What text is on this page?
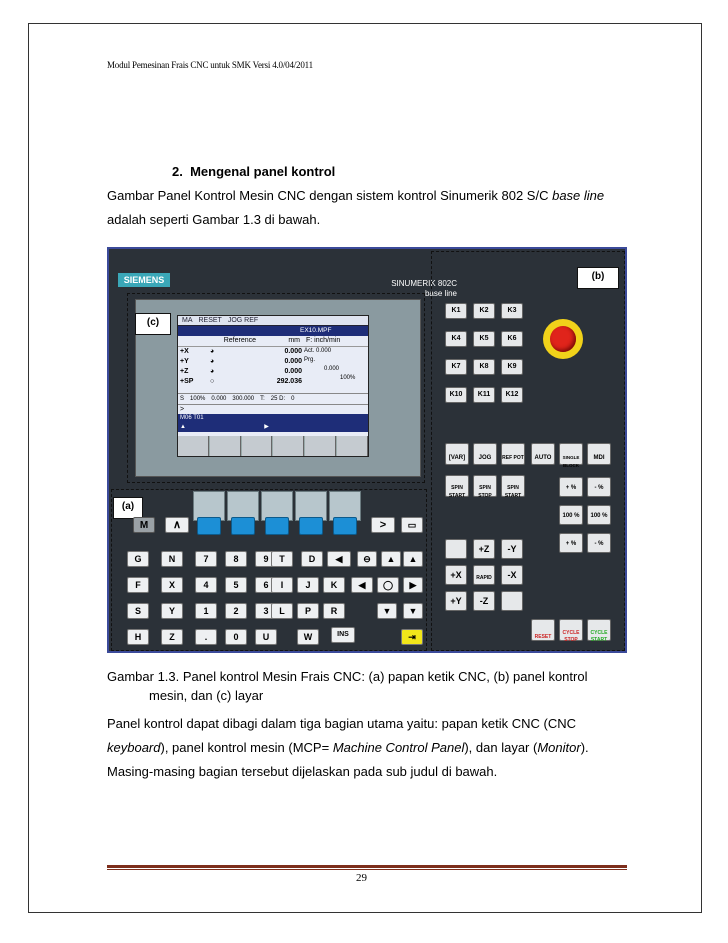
Modul Pemesinan Frais CNC untuk SMK Versi 4.0/04/2011
2. Mengenal panel kontrol
Gambar Panel Kontrol Mesin CNC dengan sistem kontrol Sinumerik 802 S/C base line
adalah seperti Gambar 1.3 di bawah.
SIEMENS	SINUMERIK 802C
base line
(b)
(c)	MA RESET JOG REF
EX10.MPF
Reference	mm F: inch/min
+X	◕	0.000
+Y	◕	0.000
+Z	◕	0.000
+SP	○	292.036
Act. 0.000
Prg.
0.000
100%
S 100% 0.000 300.000 T: 25 D: 0
>
M06 T01
▲                                               ▶
(a)
M	∧	>	▭
G	N	7	8	9	T	D	◀	⊖	▲	▲
F	X	4	5	6	I	J	K	◀	◯	▶
S	Y	1	2	3	L	P	R	▼	▼
H	Z	.	0	U	W	INS	⇥
K1	K2	K3
K4	K5	K6
K7	K8	K9
K10	K11	K12
[VAR]	JOG	REF POT	AUTO	SINGLE BLOCK
MDI
SPIN START
SPIN STOP
SPIN START
+ %	- %
100 %	100 %
+ %	- %
+Z	-Y
+X	RAPID	-X
+Y	-Z
RESET
CYCLE STOP
CYCLE START
Gambar 1.3. Panel kontrol Mesin Frais CNC: (a) papan ketik CNC, (b) panel kontrol
mesin, dan (c) layar
Panel kontrol dapat dibagi dalam tiga bagian utama yaitu: papan ketik CNC (CNC
keyboard), panel kontrol mesin (MCP= Machine Control Panel), dan layar (Monitor).
Masing-masing bagian tersebut dijelaskan pada sub judul di bawah.
29
